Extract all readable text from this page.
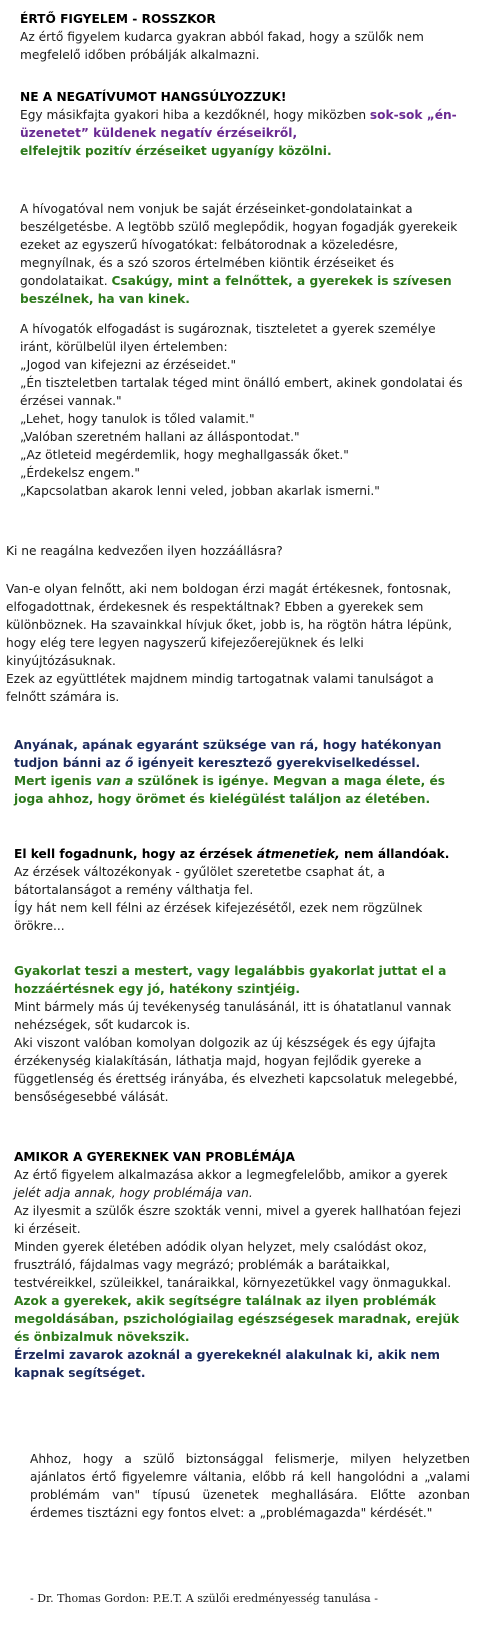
ÉRTŐ FIGYELEM - ROSSZKOR
Az értő figyelem kudarca gyakran abból fakad, hogy a szülők nem megfelelő időben próbálják alkalmazni.
NE A NEGATÍVUMOT HANGSÚLYOZZUK!
Egy másikfajta gyakori hiba a kezdőknél, hogy miközben sok-sok „én-üzenetet” küldenek negatív érzéseikről,
elfelejtik pozitív érzéseiket ugyanígy közölni.
A hívogatóval nem vonjuk be saját érzéseinket-gondolatainkat a beszélgetésbe. A legtöbb szülő meglepődik, hogyan fogadják gyerekeik ezeket az egyszerű hívogatókat: felbátorodnak a közeledésre, megnyílnak, és a szó szoros értelmében kiöntik érzéseiket és gondolataikat. Csakúgy, mint a felnőttek, a gyerekek is szívesen beszélnek, ha van kinek.
A hívogatók elfogadást is sugároznak, tiszteletet a gyerek személye iránt, körülbelül ilyen értelemben:
„Jogod van kifejezni az érzéseidet."
„Én tiszteletben tartalak téged mint önálló embert, akinek gondolatai és érzései vannak."
„Lehet, hogy tanulok is tőled valamit."
„Valóban szeretném hallani az álláspontodat."
„Az ötleteid megérdemlik, hogy meghallgassák őket."
„Érdekelsz engem."
„Kapcsolatban akarok lenni veled, jobban akarlak ismerni."
Ki ne reagálna kedvezően ilyen hozzáállásra?
Van-e olyan felnőtt, aki nem boldogan érzi magát értékesnek, fontosnak, elfogadottnak, érdekesnek és respektáltnak? Ebben a gyerekek sem különböznek. Ha szavainkkal hívjuk őket, jobb is, ha rögtön hátra lépünk, hogy elég tere legyen nagyszerű kifejezőerejüknek és lelki kinyújtózásuknak.
Ezek az együttlétek majdnem mindig tartogatnak valami tanulságot a felnőtt számára is.
Anyának, apának egyaránt szüksége van rá, hogy hatékonyan tudjon bánni az ő igényeit keresztező gyerekviselkedéssel.
Mert igenis van a szülőnek is igénye. Megvan a maga élete, és joga ahhoz, hogy örömet és kielégülést találjon az életében.
El kell fogadnunk, hogy az érzések átmenetiek, nem állandóak.
Az érzések változékonyak - gyűlölet szeretetbe csaphat át, a bátortalanságot a remény válthatja fel.
Így hát nem kell félni az érzések kifejezésétől, ezek nem rögzülnek örökre...
Gyakorlat teszi a mestert, vagy legalábbis gyakorlat juttat el a hozzáértésnek egy jó, hatékony szintjéig.
Mint bármely más új tevékenység tanulásánál, itt is óhatatlanul vannak nehézségek, sőt kudarcok is.
Aki viszont valóban komolyan dolgozik az új készségek és egy újfajta érzékenység kialakításán, láthatja majd, hogyan fejlődik gyereke a függetlenség és érettség irányába, és elvezheti kapcsolatuk melegebbé, bensőségesebbé válását.
AMIKOR A GYEREKNEK VAN PROBLÉMÁJA
Az értő figyelem alkalmazása akkor a legmegfelelőbb, amikor a gyerek jelét adja annak, hogy problémája van.
Az ilyesmit a szülők észre szokták venni, mivel a gyerek hallhatóan fejezi ki érzéseit.
Minden gyerek életében adódik olyan helyzet, mely csalódást okoz, frusztráló, fájdalmas vagy megrázó; problémák a barátaikkal, testvéreikkel, szüleikkel, tanáraikkal, környezetükkel vagy önmagukkal.
Azok a gyerekek, akik segítségre találnak az ilyen problémák megoldásában, pszichológiailag egészségesek maradnak, erejük és önbizalmuk növekszik.
Érzelmi zavarok azoknál a gyerekeknél alakulnak ki, akik nem kapnak segítséget.
Ahhoz, hogy a szülő biztonsággal felismerje, milyen helyzetben ajánlatos értő figyelemre váltania, előbb rá kell hangolódni a „valami problémám van" típusú üzenetek meghallására. Előtte azonban érdemes tisztázni egy fontos elvet: a „problémagazda" kérdését."
- Dr. Thomas Gordon: P.E.T. A szülői eredményesség tanulása -
